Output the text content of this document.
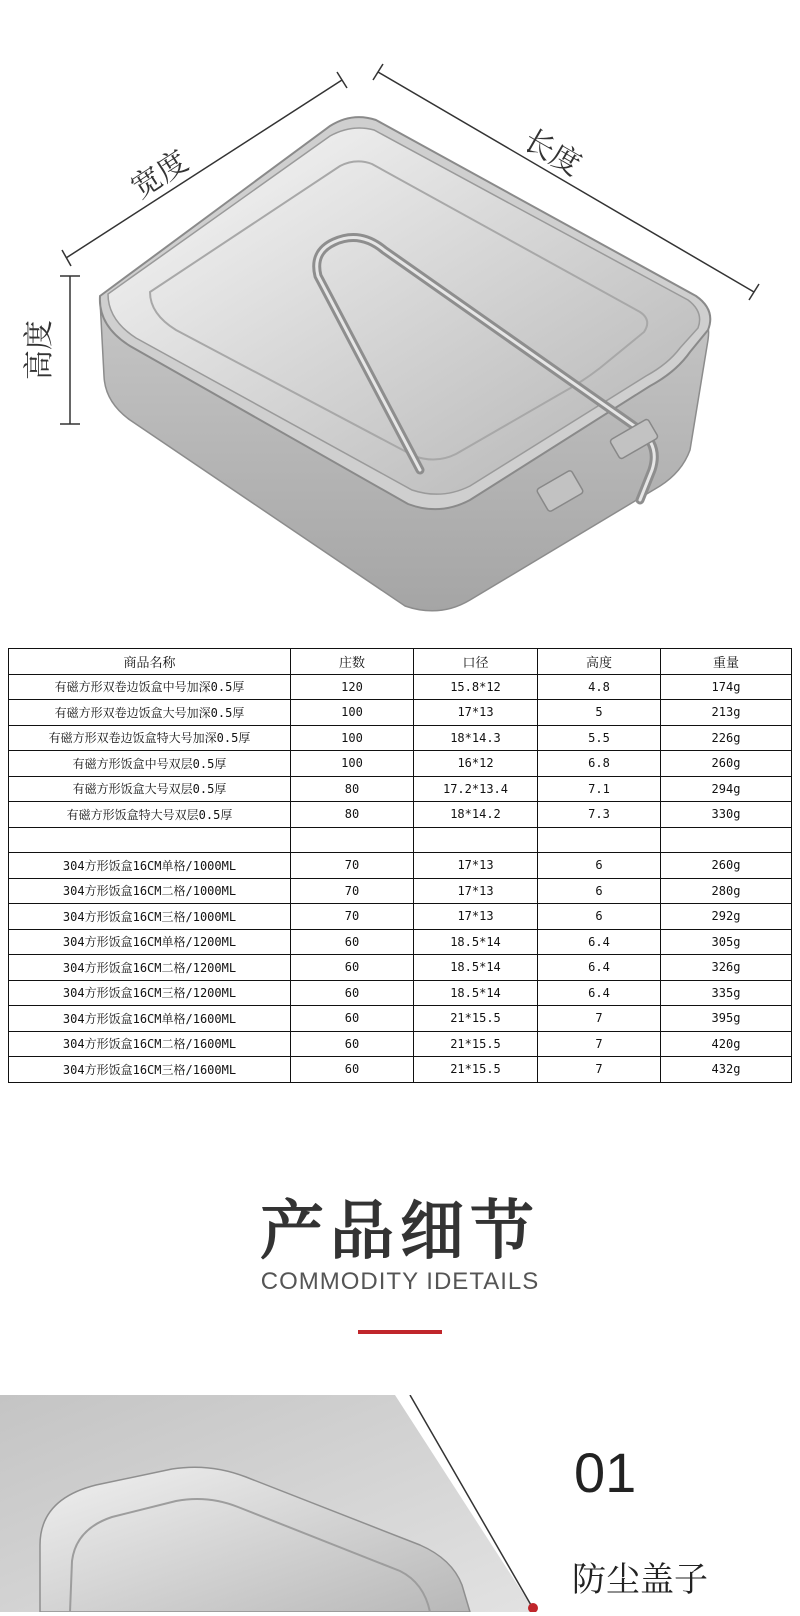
宽度	长度
高度
商品名称	庄数	口径	高度	重量
有磁方形双卷边饭盒中号加深0.5厚	120	15.8*12	4.8	174g
有磁方形双卷边饭盒大号加深0.5厚	100	17*13	5	213g
有磁方形双卷边饭盒特大号加深0.5厚	100	18*14.3	5.5	226g
有磁方形饭盒中号双层0.5厚	100	16*12	6.8	260g
有磁方形饭盒大号双层0.5厚	80	17.2*13.4	7.1	294g
有磁方形饭盒特大号双层0.5厚	80	18*14.2	7.3	330g

304方形饭盒16CM单格/1000ML	70	17*13	6	260g
304方形饭盒16CM二格/1000ML	70	17*13	6	280g
304方形饭盒16CM三格/1000ML	70	17*13	6	292g
304方形饭盒16CM单格/1200ML	60	18.5*14	6.4	305g
304方形饭盒16CM二格/1200ML	60	18.5*14	6.4	326g
304方形饭盒16CM三格/1200ML	60	18.5*14	6.4	335g
304方形饭盒16CM单格/1600ML	60	21*15.5	7	395g
304方形饭盒16CM二格/1600ML	60	21*15.5	7	420g
304方形饭盒16CM三格/1600ML	60	21*15.5	7	432g
产品细节
COMMODITY IDETAILS
01
防尘盖子
